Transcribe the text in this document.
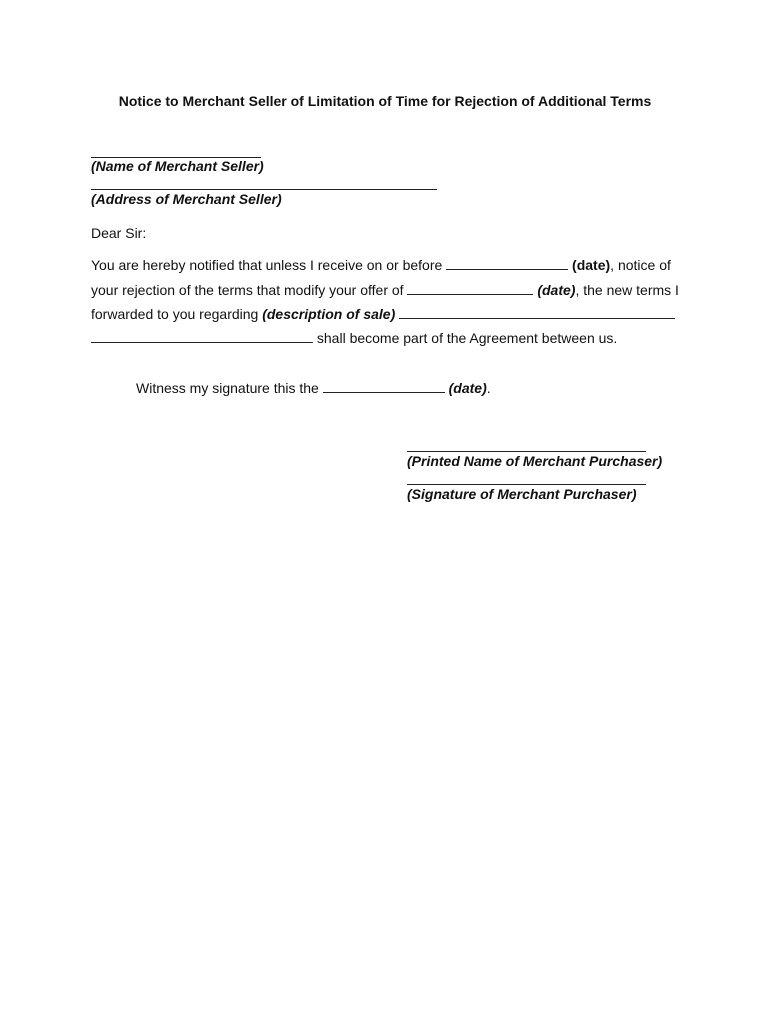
Notice to Merchant Seller of Limitation of Time for Rejection of Additional Terms
(Name of Merchant Seller)
(Address of Merchant Seller)
Dear Sir:
You are hereby notified that unless I receive on or before	(date), notice of
your rejection of the terms that modify your offer of	(date), the new terms I
forwarded to you regarding (description of sale)
shall become part of the Agreement between us.
Witness my signature this the	(date).
(Printed Name of Merchant Purchaser)
(Signature of Merchant Purchaser)
